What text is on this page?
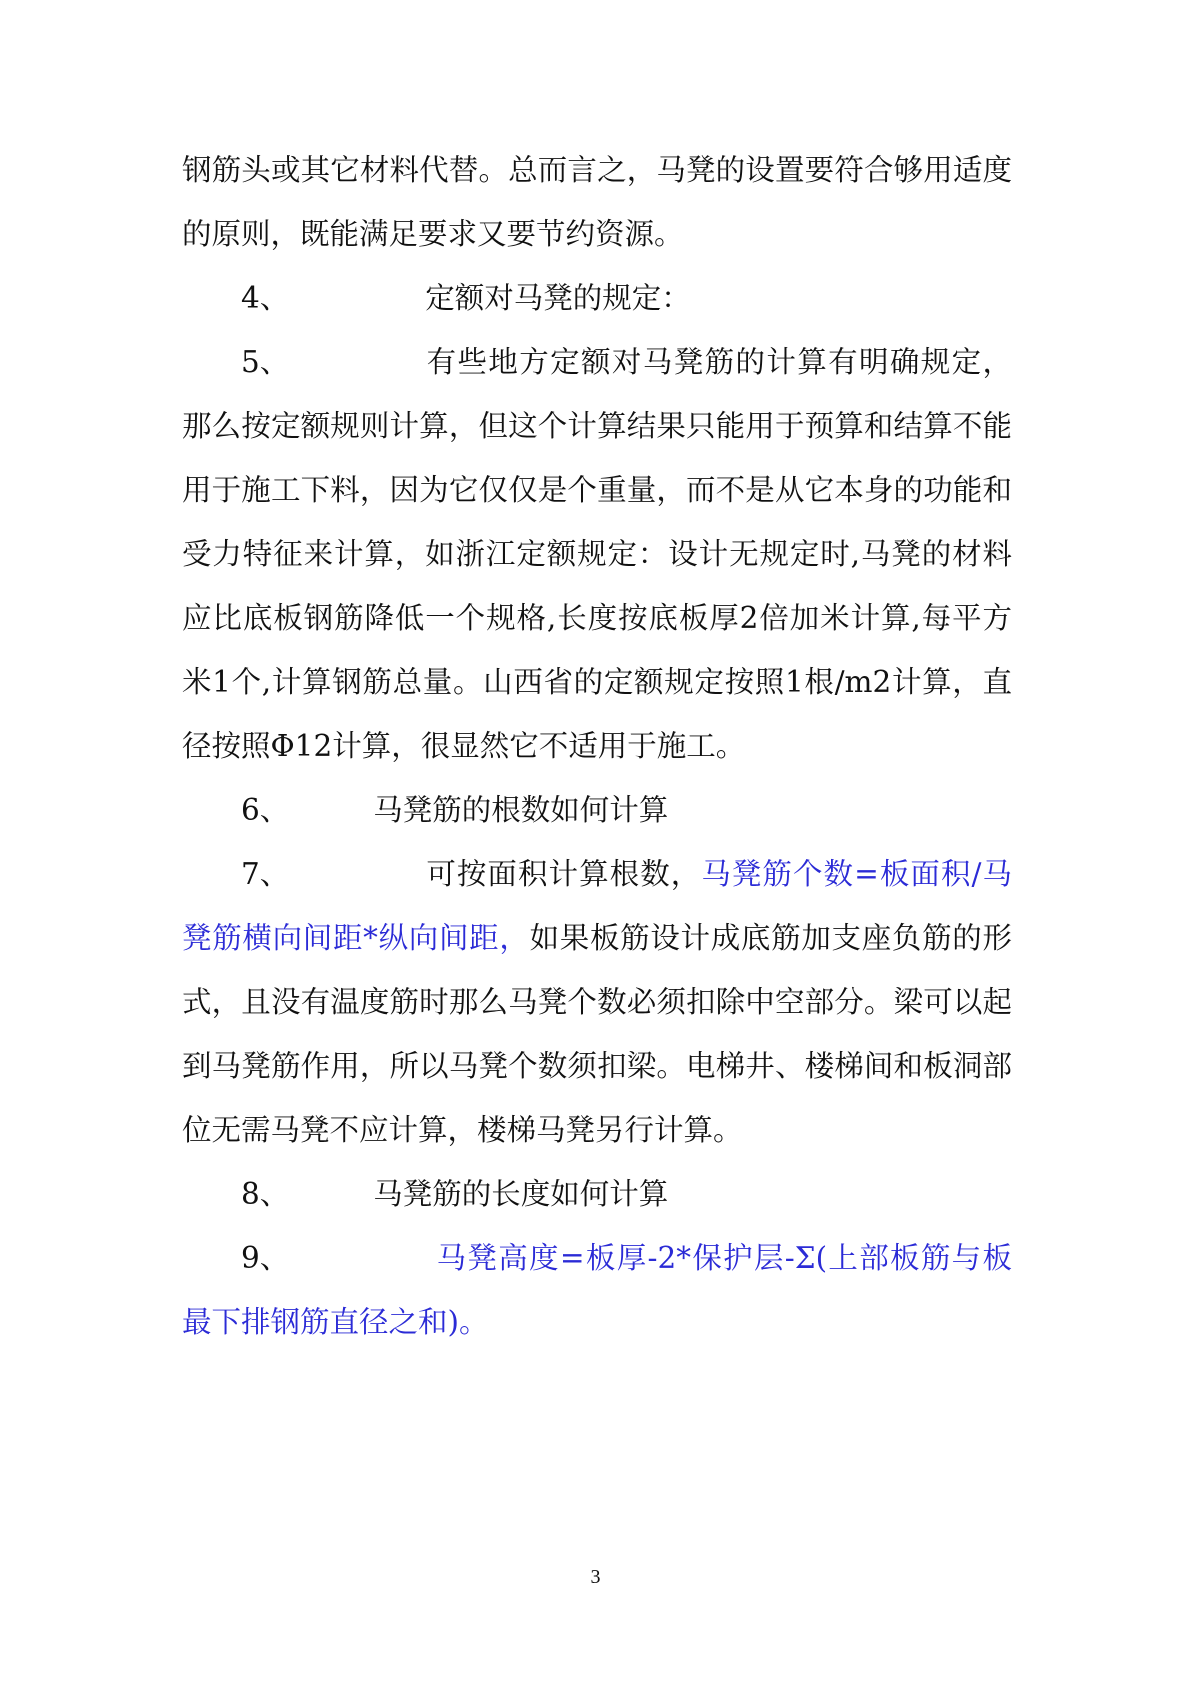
钢筋头或其它材料代替。总而言之，马凳的设置要符合够用适度的原则，既能满足要求又要节约资源。

4、	定额对马凳的规定：

5、	有些地方定额对马凳筋的计算有明确规定，那么按定额规则计算，但这个计算结果只能用于预算和结算不能用于施工下料，因为它仅仅是个重量，而不是从它本身的功能和受力特征来计算，如浙江定额规定：设计无规定时,马凳的材料应比底板钢筋降低一个规格,长度按底板厚2倍加米计算,每平方米1个,计算钢筋总量。山西省的定额规定按照1根/m2计算，直径按照Φ12计算，很显然它不适用于施工。

6、	马凳筋的根数如何计算

7、	可按面积计算根数，马凳筋个数=板面积/马凳筋横向间距*纵向间距，如果板筋设计成底筋加支座负筋的形式，且没有温度筋时那么马凳个数必须扣除中空部分。梁可以起到马凳筋作用，所以马凳个数须扣梁。电梯井、楼梯间和板洞部位无需马凳不应计算，楼梯马凳另行计算。

8、	马凳筋的长度如何计算

9、	马凳高度=板厚-2*保护层-Σ(上部板筋与板最下排钢筋直径之和)。

3
